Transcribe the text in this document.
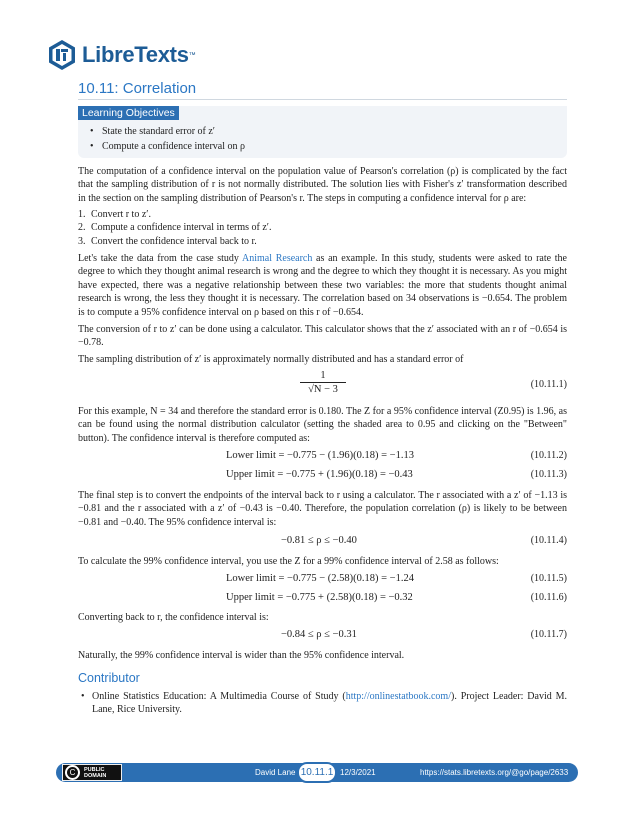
LibreTexts ™
10.11: Correlation
Learning Objectives
• State the standard error of z′
• Compute a confidence interval on ρ
The computation of a confidence interval on the population value of Pearson's correlation (ρ) is complicated by the fact that the sampling distribution of r is not normally distributed. The solution lies with Fisher's z′ transformation described in the section on the sampling distribution of Pearson's r. The steps in computing a confidence interval for ρ are:
1. Convert r to z′.
2. Compute a confidence interval in terms of z′.
3. Convert the confidence interval back to r.
Let's take the data from the case study Animal Research as an example. In this study, students were asked to rate the degree to which they thought animal research is wrong and the degree to which they thought it is necessary. As you might have expected, there was a negative relationship between these two variables: the more that students thought animal research is wrong, the less they thought it is necessary. The correlation based on 34 observations is −0.654. The problem is to compute a 95% confidence interval on ρ based on this r of −0.654.
The conversion of r to z′ can be done using a calculator. This calculator shows that the z′ associated with an r of −0.654 is −0.78.
The sampling distribution of z′ is approximately normally distributed and has a standard error of
$\frac{1}{√N - 3}$	(10.11.1)
For this example, N = 34 and therefore the standard error is 0.180. The Z for a 95% confidence interval (Z0.95) is 1.96, as can be found using the normal distribution calculator (setting the shaded area to 0.95 and clicking on the "Between" button). The confidence interval is therefore computed as:
Lower limit = −0.775 − (1.96)(0.18) = −1.13	(10.11.2)
Upper limit = −0.775 + (1.96)(0.18) = −0.43	(10.11.3)
The final step is to convert the endpoints of the interval back to r using a calculator. The r associated with a z′ of −1.13 is −0.81 and the r associated with a z′ of −0.43 is −0.40. Therefore, the population correlation (ρ) is likely to be between −0.81 and −0.40. The 95% confidence interval is:
−0.81 ≤ ρ ≤ −0.40	(10.11.4)
To calculate the 99% confidence interval, you use the Z for a 99% confidence interval of 2.58 as follows:
Lower limit = −0.775 − (2.58)(0.18) = −1.24	(10.11.5)
Upper limit = −0.775 + (2.58)(0.18) = −0.32	(10.11.6)
Converting back to r, the confidence interval is:
−0.84 ≤ ρ ≤ −0.31	(10.11.7)
Naturally, the 99% confidence interval is wider than the 95% confidence interval.
Contributor
• Online Statistics Education: A Multimedia Course of Study (http://onlinestatbook.com/). Project Leader: David M. Lane, Rice University.
C	PUBLIC
DOMAIN	David Lane 10.11.1 12/3/2021	https://stats.libretexts.org/@go/page/2633
